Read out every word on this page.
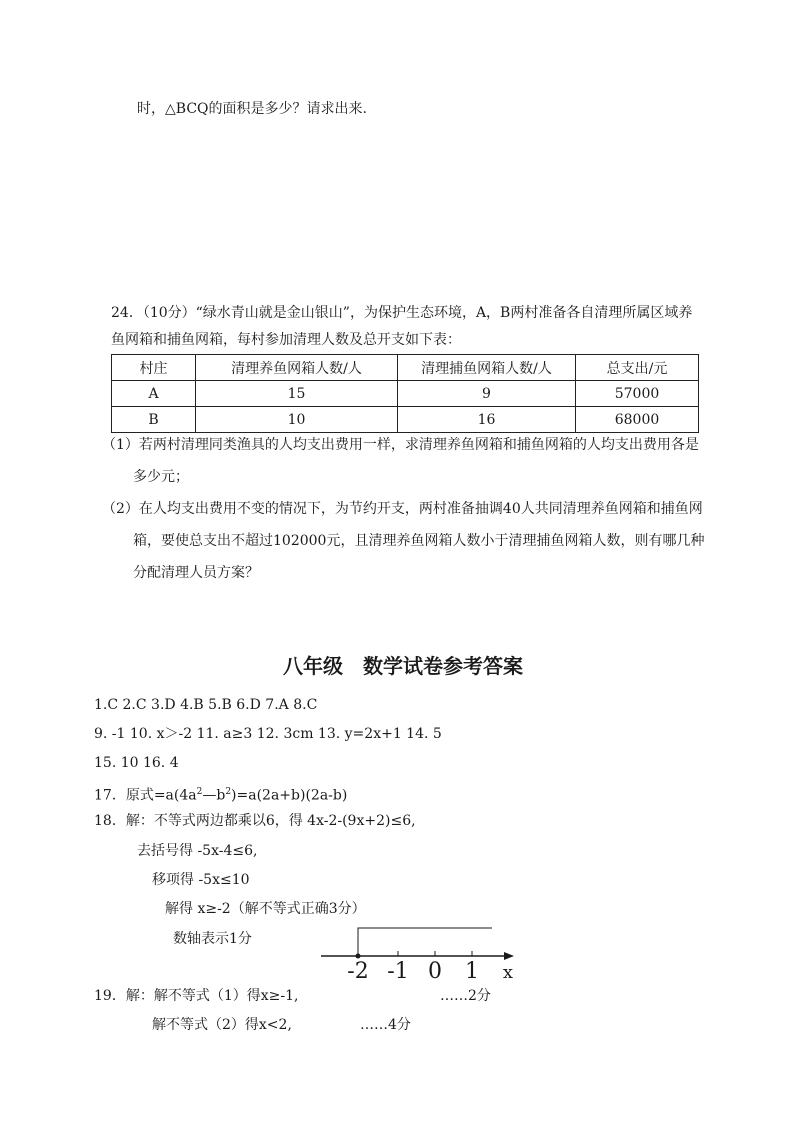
时，△BCQ的面积是多少？请求出来.
24．（10分）“绿水青山就是金山银山”，为保护生态环境，A，B两村准备各自清理所属区域养
鱼网箱和捕鱼网箱，每村参加清理人数及总开支如下表：
村庄	清理养鱼网箱人数/人	清理捕鱼网箱人数/人	总支出/元
A	15	9	57000
B	10	16	68000
（1）若两村清理同类渔具的人均支出费用一样，求清理养鱼网箱和捕鱼网箱的人均支出费用各是
多少元；
（2）在人均支出费用不变的情况下，为节约开支，两村准备抽调40人共同清理养鱼网箱和捕鱼网
箱，要使总支出不超过102000元，且清理养鱼网箱人数小于清理捕鱼网箱人数，则有哪几种
分配清理人员方案？
八年级　数学试卷参考答案
1.C 2.C 3.D 4.B 5.B 6.D 7.A 8.C
9. -1 10. x＞-2 11. a≥3 12. 3cm 13. y=2x+1 14. 5
15. 10 16. 4
17．原式$=a(4a^2—b^2)=a(2a+b)(2a-b)$
18．解：不等式两边都乘以6，得 4x-2-(9x+2)≤6,
去括号得 -5x-4≤6,
移项得 -5x≤10
解得 x≥-2（解不等式正确3分）
数轴表示1分
-2 -1 0 1 x
19．解：解不等式（1）得x≥-1,	……2分
解不等式（2）得x<2,	……4分
